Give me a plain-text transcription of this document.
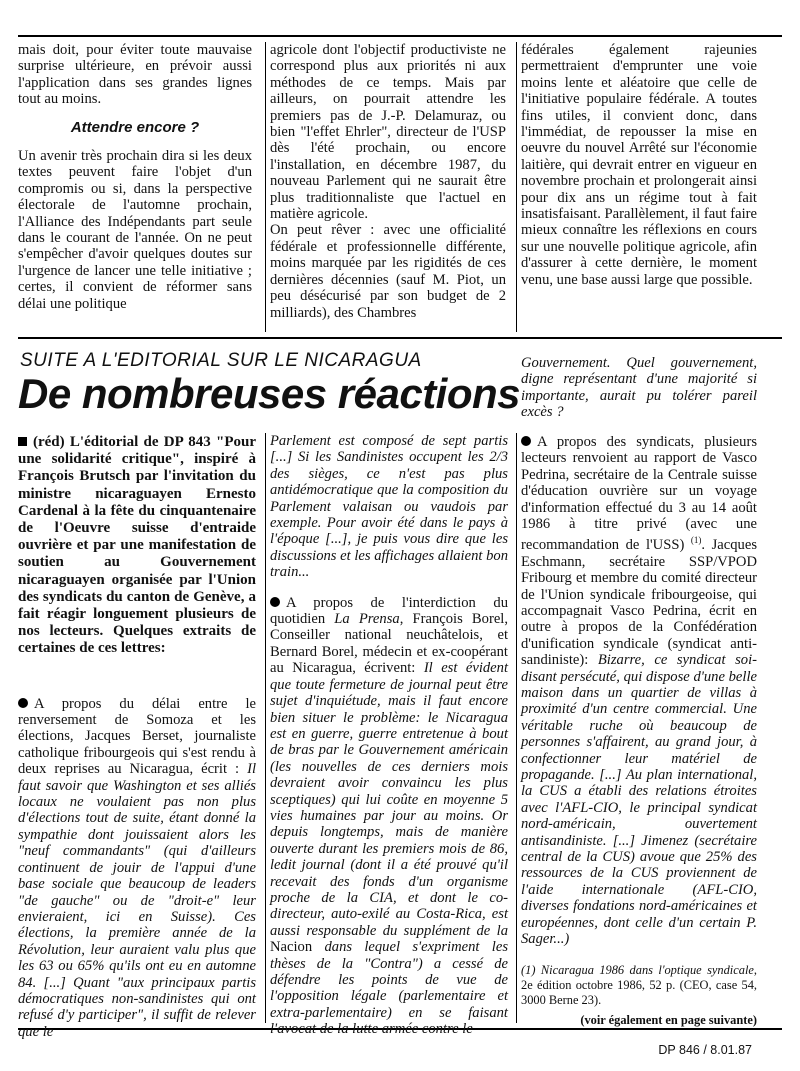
mais doit, pour éviter toute mauvaise surprise ultérieure, en prévoir aussi l'application dans ses grandes lignes tout au moins.

Attendre encore ?

Un avenir très prochain dira si les deux textes peuvent faire l'objet d'un compromis ou si, dans la perspective électorale de l'automne prochain, l'Alliance des Indépendants part seule dans le courant de l'année. On ne peut s'empêcher d'avoir quelques doutes sur l'urgence de lancer une telle initiative ; certes, il convient de réformer sans délai une politique

agricole dont l'objectif productiviste ne correspond plus aux priorités ni aux méthodes de ce temps. Mais par ailleurs, on pourrait attendre les premiers pas de J.-P. Delamuraz, ou bien "l'effet Ehrler", directeur de l'USP dès l'été prochain, ou encore l'installation, en décembre 1987, du nouveau Parlement qui ne saurait être plus traditionnaliste que l'actuel en matière agricole.

On peut rêver : avec une officialité fédérale et professionnelle différente, moins marquée par les rigidités de ces dernières décennies (sauf M. Piot, un peu désécurisé par son budget de 2 milliards), des Chambres

fédérales également rajeunies permettraient d'emprunter une voie moins lente et aléatoire que celle de l'initiative populaire fédérale. A toutes fins utiles, il convient donc, dans l'immédiat, de repousser la mise en oeuvre du nouvel Arrêté sur l'économie laitière, qui devrait entrer en vigueur en novembre prochain et prolongerait ainsi pour dix ans un régime tout à fait insatisfaisant. Parallèlement, il faut faire mieux connaître les réflexions en cours sur une nouvelle politique agricole, afin d'assurer à cette dernière, le moment venu, une base aussi large que possible.

SUITE A L'EDITORIAL SUR LE NICARAGUA
De nombreuses réactions

Gouvernement. Quel gouvernement, digne représentant d'une majorité si importante, aurait pu tolérer pareil excès ?

(réd) L'éditorial de DP 843 "Pour une solidarité critique", inspiré à François Brutsch par l'invitation du ministre nicaraguayen Ernesto Cardenal à la fête du cinquantenaire de l'Oeuvre suisse d'entraide ouvrière et par une manifestation de soutien au Gouvernement nicaraguayen organisée par l'Union des syndicats du canton de Genève, a fait réagir longuement plusieurs de nos lecteurs. Quelques extraits de certaines de ces lettres:

A propos du délai entre le renversement de Somoza et les élections, Jacques Berset, journaliste catholique fribourgeois qui s'est rendu à deux reprises au Nicaragua, écrit : Il faut savoir que Washington et ses alliés locaux ne voulaient pas non plus d'élections tout de suite, étant donné la sympathie dont jouissaient alors les "neuf commandants" (qui d'ailleurs continuent de jouir de l'appui d'une base sociale que beaucoup de leaders "de gauche" ou de "droit-e" leur envieraient, ici en Suisse). Ces élections, la première année de la Révolution, leur auraient valu plus que les 63 ou 65% qu'ils ont eu en automne 84. [...] Quant "aux principaux partis démocratiques non-sandinistes qui ont refusé d'y participer", il suffit de relever que le

Parlement est composé de sept partis [...] Si les Sandinistes occupent les 2/3 des sièges, ce n'est pas plus antidémocratique que la composition du Parlement valaisan ou vaudois par exemple. Pour avoir été dans le pays à l'époque [...], je puis vous dire que les discussions et les affichages allaient bon train...

A propos de l'interdiction du quotidien La Prensa, François Borel, Conseiller national neuchâtelois, et Bernard Borel, médecin et ex-coopérant au Nicaragua, écrivent: Il est évident que toute fermeture de journal peut être sujet d'inquiétude, mais il faut encore bien situer le problème: le Nicaragua est en guerre, guerre entretenue à bout de bras par le Gouvernement américain (les nouvelles de ces derniers mois devraient avoir convaincu les plus sceptiques) qui lui coûte en moyenne 5 vies humaines par jour au moins. Or depuis longtemps, mais de manière ouverte durant les premiers mois de 86, ledit journal (dont il a été prouvé qu'il recevait des fonds d'un organisme proche de la CIA, et dont le co-directeur, auto-exilé au Costa-Rica, est aussi responsable du supplément de la Nacion dans lequel s'expriment les thèses de la "Contra") a cessé de défendre les points de vue de l'opposition légale (parlementaire et extra-parlementaire) en se faisant l'avocat de la lutte armée contre le

A propos des syndicats, plusieurs lecteurs renvoient au rapport de Vasco Pedrina, secrétaire de la Centrale suisse d'éducation ouvrière sur un voyage d'information effectué du 3 au 14 août 1986 à titre privé (avec une recommandation de l'USS) $^{(1)}$. Jacques Eschmann, secrétaire SSP/VPOD Fribourg et membre du comité directeur de l'Union syndicale fribourgeoise, qui accompagnait Vasco Pedrina, écrit en outre à propos de la Confédération d'unification syndicale (syndicat anti-sandiniste): Bizarre, ce syndicat soi-disant persécuté, qui dispose d'une belle maison dans un quartier de villas à proximité d'un centre commercial. Une véritable ruche où beaucoup de personnes s'affairent, au grand jour, à confectionner leur matériel de propagande. [...] Au plan international, la CUS a établi des relations étroites avec l'AFL-CIO, le principal syndicat nord-américain, ouvertement antisandiniste. [...] Jimenez (secrétaire central de la CUS) avoue que 25% des ressources de la CUS proviennent de l'aide internationale (AFL-CIO, diverses fondations nord-américaines et européennes, dont celle d'un certain P. Sager...)

(1) Nicaragua 1986 dans l'optique syndicale, 2e édition octobre 1986, 52 p. (CEO, case 54, 3000 Berne 23).

(voir également en page suivante)

DP 846 / 8.01.87
